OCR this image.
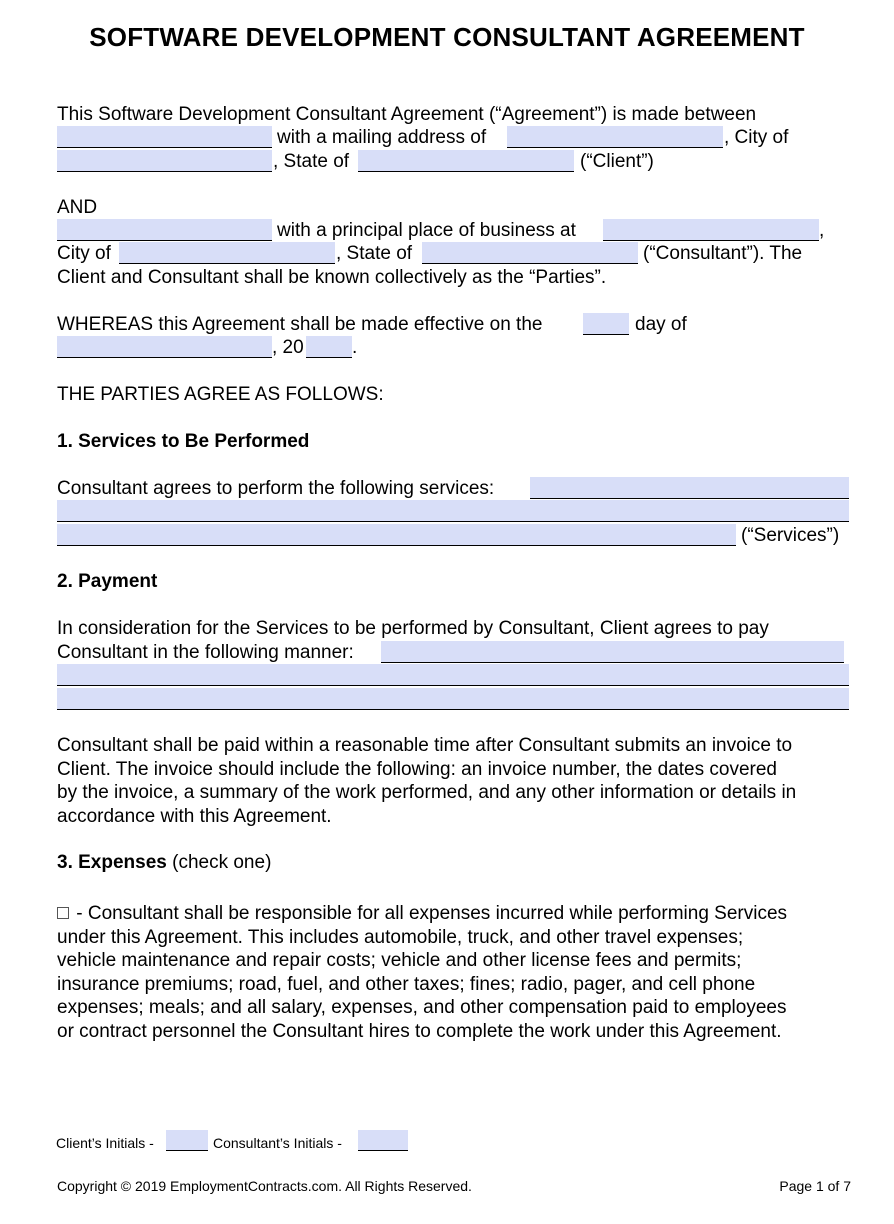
SOFTWARE DEVELOPMENT CONSULTANT AGREEMENT
This Software Development Consultant Agreement (“Agreement”) is made between
with a mailing address of	, City of
, State of	(“Client”)
AND
with a principal place of business at	,
City of	, State of	(“Consultant”). The
Client and Consultant shall be known collectively as the “Parties”.
WHEREAS this Agreement shall be made effective on the	day of
, 20	.
THE PARTIES AGREE AS FOLLOWS:
1. Services to Be Performed
Consultant agrees to perform the following services:
(“Services”)
2. Payment
In consideration for the Services to be performed by Consultant, Client agrees to pay
Consultant in the following manner:
Consultant shall be paid within a reasonable time after Consultant submits an invoice to
Client. The invoice should include the following: an invoice number, the dates covered
by the invoice, a summary of the work performed, and any other information or details in
accordance with this Agreement.
3. Expenses (check one)
- Consultant shall be responsible for all expenses incurred while performing Services
under this Agreement. This includes automobile, truck, and other travel expenses;
vehicle maintenance and repair costs; vehicle and other license fees and permits;
insurance premiums; road, fuel, and other taxes; fines; radio, pager, and cell phone
expenses; meals; and all salary, expenses, and other compensation paid to employees
or contract personnel the Consultant hires to complete the work under this Agreement.
Client’s Initials -	Consultant’s Initials -
Copyright © 2019 EmploymentContracts.com. All Rights Reserved.	Page 1 of 7
